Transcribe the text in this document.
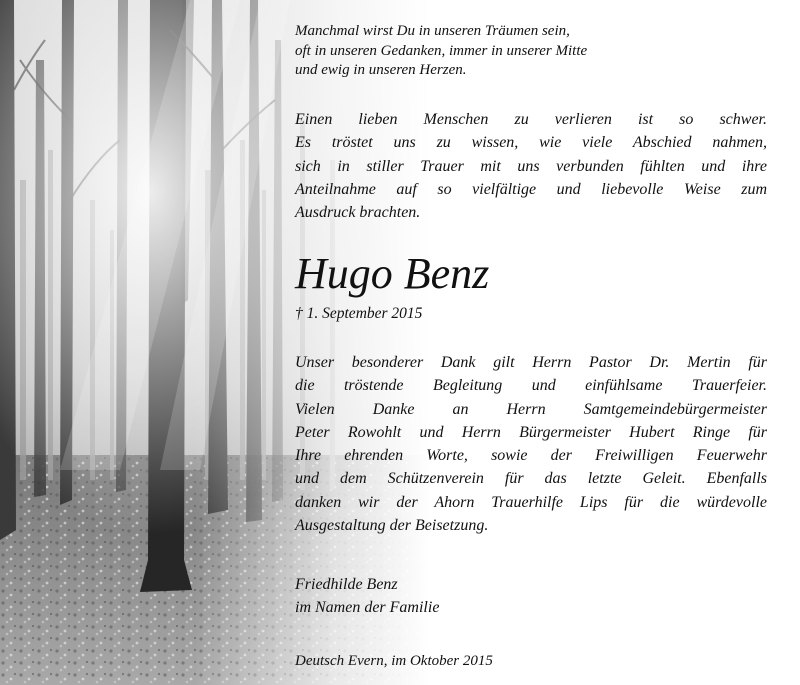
Manchmal wirst Du in unseren Träumen sein,
oft in unseren Gedanken, immer in unserer Mitte
und ewig in unseren Herzen.
Einen lieben Menschen zu verlieren ist so schwer.
Es tröstet uns zu wissen, wie viele Abschied nahmen,
sich in stiller Trauer mit uns verbunden fühlten und ihre
Anteilnahme auf so vielfältige und liebevolle Weise zum
Ausdruck brachten.
Hugo Benz
† 1. September 2015
Unser besonderer Dank gilt Herrn Pastor Dr. Mertin für
die tröstende Begleitung und einfühlsame Trauerfeier.
Vielen Danke an Herrn Samtgemeindebürgermeister
Peter Rowohlt und Herrn Bürgermeister Hubert Ringe für
Ihre ehrenden Worte, sowie der Freiwilligen Feuerwehr
und dem Schützenverein für das letzte Geleit. Ebenfalls
danken wir der Ahorn Trauerhilfe Lips für die würdevolle
Ausgestaltung der Beisetzung.
Friedhilde Benz
im Namen der Familie
Deutsch Evern, im Oktober 2015
